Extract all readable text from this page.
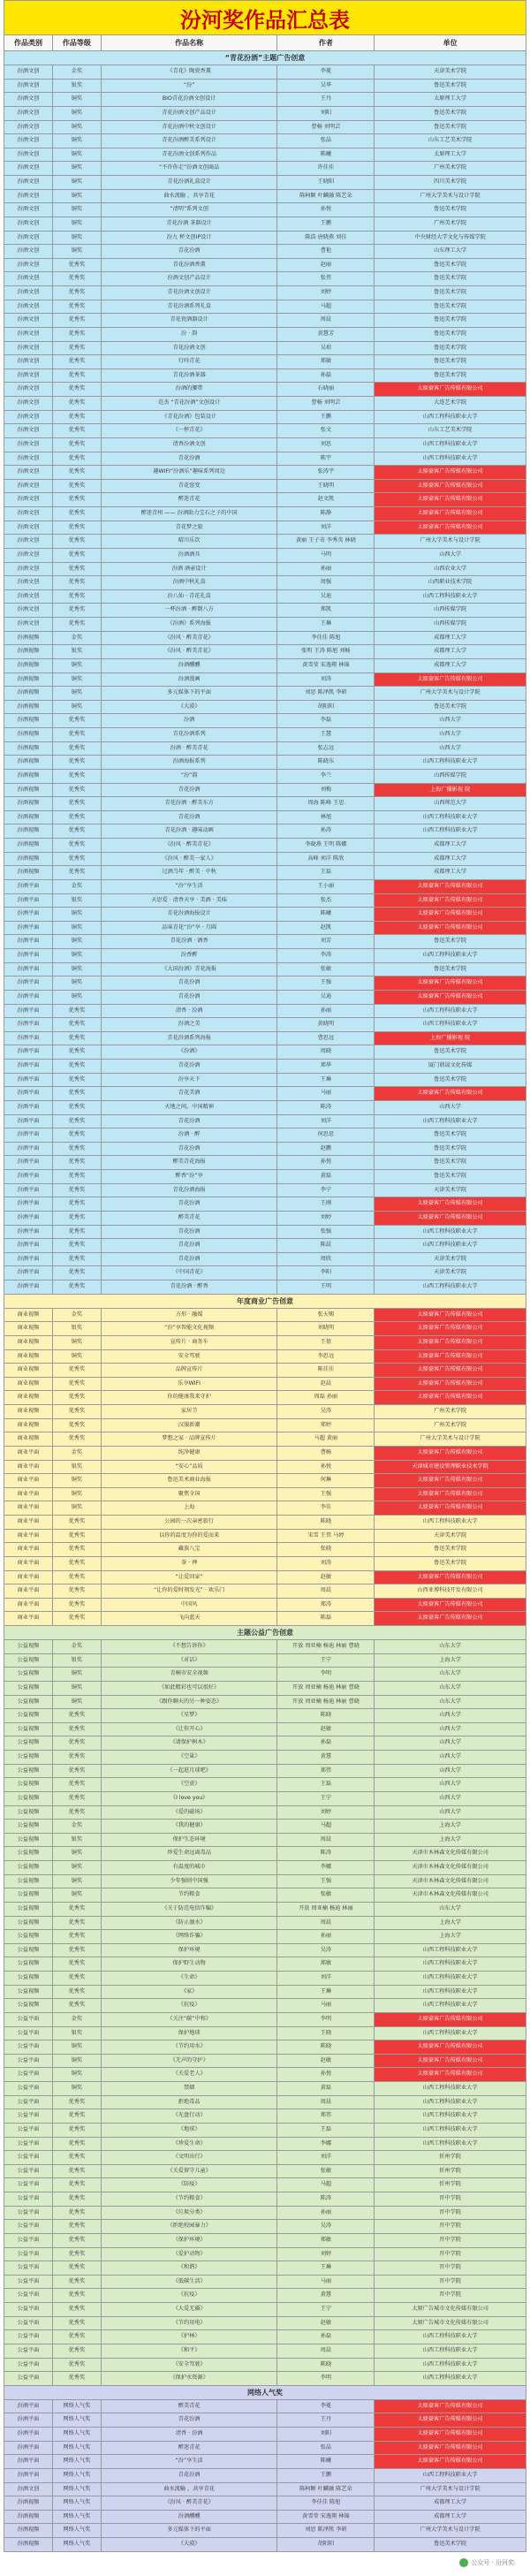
汾河奖作品汇总表
作品类别	作品等级	作品名称	作者	单位
“青花汾酒”主题广告创意
汾酒文创	金奖	《青花》陶瓷香薰	李冕	天津美术学院
汾酒文创	银奖	“汾”	吴华	鲁迅美术学院
汾酒文创	铜奖	BIO青花汾酒文创设计	王丹	太原理工大学
汾酒文创	铜奖	青花汾酒文创产品设计	刘阳	鲁迅美术学院
汾酒文创	铜奖	青花汾酒中秋文创设计	曹畅 刘明芸	鲁迅美术学院
汾酒文创	铜奖	青花汾酒醉美系列设计	张晶	山东工艺美术学院
汾酒文创	铜奖	青花汾酒文创系列作品	陈曦	太原理工大学
汾酒文创	铜奖	“不许你走”汾酒文创商品	许佳佳	广州美术学院
汾酒文创	铜奖	青花汾酒礼盒设计	王晓阳	四川美术学院
汾酒文创	铜奖	曲水流觞 ，共享青花	陈柯颖 叶麟融 陈艺朵	广州大学美术与设计学院
汾酒文创	铜奖	“清明”系列文创	孙悦	鲁迅美术学院
汾酒文创	铜奖	青花汾酒 茶器设计	王鹏	广州美术学院
汾酒文创	铜奖	汾九 杯文创IP设计	陈浩 唐晓燕 刘佳	中央财经大学文化与传媒学院
汾酒文创	铜奖	青花汾酒	曹艳	山东理工大学
汾酒文创	优秀奖	青花汾酒香薰	赵丽	鲁迅美术学院
汾酒文创	优秀奖	汾酒文创产品设计	张伟	鲁迅美术学院
汾酒文创	优秀奖	青花汾酒文创设计	刘婷	鲁迅美术学院
汾酒文创	优秀奖	青花汾酒系列礼盒	马超	鲁迅美术学院
汾酒文创	优秀奖	青花瓷酒器设计	周晨	鲁迅美术学院
汾酒文创	优秀奖	汾 · 韵	黄慧芳	鲁迅美术学院
汾酒文创	优秀奖	青花汾酒文创	吴琼	鲁迅美术学院
汾酒文创	优秀奖	行吟青花	郑敏	鲁迅美术学院
汾酒文创	优秀奖	青花汾酒茶器	孙磊	鲁迅美术学院
汾酒文创	优秀奖	汾酒的腰带	石晓丽	太原豪客广告传媒有限公司
汾酒文创	优秀奖	范杰 “青花汾酒”文创设计	曹畅 刘明芸	大连艺术学院
汾酒文创	优秀奖	《青花汾酒》包装设计	王鹏	山西工程科技职业大学
汾酒文创	优秀奖	《一杯青花》	张文	山东工艺美术学院
汾酒文创	优秀奖	清香汾酒文创	刘思	山西工程科技职业大学
汾酒文创	优秀奖	青花汾酒	陈宇	山西工程科技职业大学
汾酒文创	优秀奖	趣WIFI“汾酒乐”趣味系列周边	张涛宇	太原豪客广告传媒有限公司
汾酒文创	优秀奖	青花窑变	王晓明	太原豪客广告传媒有限公司
汾酒文创	优秀奖	醉迷青花	赵文凯	太原豪客广告传媒有限公司
汾酒文创	优秀奖	醉迷青州 —— 汾酒助力宝石之子的中国	陈静	太原豪客广告传媒有限公司
汾酒文创	优秀奖	青花梦之旅	刘洋	太原豪客广告传媒有限公司
汾酒文创	优秀奖	晴川乐饮	黄丽 王子奇 李秀英 林晓	广州大学美术与设计学院
汾酒文创	优秀奖	汾酒酒具	马明	山西大学
汾酒文创	优秀奖	汾酒 酒壶设计	孙丽	山西农业大学
汾酒文创	优秀奖	汾酒中秋礼盒	周强	山西职业技术学院
汾酒文创	优秀奖	汾八仙 · 青花礼盒	吴迪	山西工程科技职业大学
汾酒文创	优秀奖	一杯汾酒 · 醉倒八方	郑凯	山西传媒学院
汾酒文创	优秀奖	《汾酒》系列海报	王琳	山西传媒学院
汾酒视频	金奖	《汾风 · 醉美青花》	李佳佳 陈旭	成都理工大学
汾酒视频	银奖	《汾风 · 醉美青花》	张明 王涛 陈旭 刘畅	成都理工大学
汾酒视频	铜奖	汾酒醺醺	黄雪莹 宋逸翔 林锦	成都理工大学
汾酒视频	铜奖	汾酒漫画	刘涛	太原豪客广告传媒有限公司
汾酒视频	铜奖	多元媒体下的平面	刘思 陈泽凯 李研	广州大学美术与设计学院
汾酒视频	铜奖	《大漠》	胡阳阳	鲁迅美术学院
汾酒视频	优秀奖	汾酒	李磊	山西大学
汾酒视频	优秀奖	青花汾酒系列	王慧	山西大学
汾酒视频	优秀奖	汾酒 · 醉美青花	张志远	山西大学
汾酒视频	优秀奖	汾酒海报系列	陈晓东	山西工程科技职业大学
汾酒视频	优秀奖	“汾”韵	李兰	山西传媒学院
汾酒视频	优秀奖	青花汾酒	刘梅	上海广播影视 院
汾酒视频	优秀奖	青花汾酒 · 醉美东方	周海 陈峰 王思	山西师范大学
汾酒视频	优秀奖	青花汾酒	林旭	山西工程科技职业大学
汾酒视频	优秀奖	青花汾酒 · 趣味动画	孙涛	山西工程科技职业大学
汾酒视频	优秀奖	《汾风 · 醉美青花》	李晓燕 王明 陈娜	成都理工大学
汾酒视频	优秀奖	《汾风 · 醉美一家人》	高峰 刘洋 陈欣	成都理工大学
汾酒视频	优秀奖	过酒当年 · 醉美 · 中秋	王磊	成都理工大学
汾酒平面	金奖	“汾”享生活	王小丽	太原豪客广告传媒有限公司
汾酒平面	银奖	天思爱 · 清香天享 · 美酒 · 美味	张杰	太原豪客广告传媒有限公司
汾酒平面	铜奖	青花汾酒海报设计	陈曦	太原豪客广告传媒有限公司
汾酒平面	铜奖	品味青花“汾”享 · 月圆	赵凯	太原豪客广告传媒有限公司
汾酒平面	铜奖	青花汾酒 · 酒香	刘芳	鲁迅美术学院
汾酒平面	铜奖	汾香醉	李涛	山西工程科技职业大学
汾酒平面	铜奖	《大国汾酒》青花海报	张敏	鲁迅美术学院
汾酒平面	铜奖	青花汾酒	王强	太原豪客广告传媒有限公司
汾酒平面	铜奖	青花汾酒	吴迪	太原豪客广告传媒有限公司
汾酒平面	优秀奖	清香 · 汾酒	孙丽	山西工程科技职业大学
汾酒平面	优秀奖	汾酒之美	黄晓明	山西工程科技职业大学
汾酒平面	优秀奖	青花汾酒系列海报	曹思远	上海广播影视 院
汾酒平面	优秀奖	《汾酒》	周晓	鲁迅美术学院
汾酒平面	优秀奖	青花汾酒	郑华	厦门鼎晟文化传媒
汾酒平面	优秀奖	汾享天下	王琳	鲁迅美术学院
汾酒平面	优秀奖	青花美酒	马丽	太原豪客广告传媒有限公司
汾酒平面	优秀奖	天地之间，中国精神	陈涛	山西大学
汾酒平面	优秀奖	青花汾酒	刘洋	山西工程科技职业大学
汾酒平面	优秀奖	汾酒 · 醉	何思思	鲁迅美术学院
汾酒平面	优秀奖	青花汾酒	赵鹏	鲁迅美术学院
汾酒平面	优秀奖	醉美青花海报	孙悦	鲁迅美术学院
汾酒平面	优秀奖	醉香“汾”享	黄磊	鲁迅美术学院
汾酒平面	优秀奖	青花汾酒海报	李宁	天津美术学院
汾酒平面	优秀奖	青花汾酒	王刚	太原豪客广告传媒有限公司
汾酒平面	优秀奖	醉美青花	刘婷	太原豪客广告传媒有限公司
汾酒平面	优秀奖	青花汾酒	张强	山西工程科技职业大学
汾酒平面	优秀奖	青花汾酒	陈晨	山西工程科技职业大学
汾酒平面	优秀奖	青花汾酒	周欣	天津美术学院
汾酒平面	优秀奖	《中国青花》	李阳	天津美术学院
汾酒平面	优秀奖	青花汾酒 · 醉香	王明	山西工程科技职业大学
年度商业广告创意
商业视频	金奖	方形 · 融媒	张天赐	太原豪客广告传媒有限公司
商业视频	银奖	“汾”享智能文化视频	刘晓明	太原豪客广告传媒有限公司
商业视频	铜奖	宣传片 · 商务车	王倩	太原豪客广告传媒有限公司
商业视频	铜奖	安全驾驶	李思远	太原豪客广告传媒有限公司
商业视频	优秀奖	品牌宣传片	陈佳佳	太原豪客广告传媒有限公司
商业视频	优秀奖	乐享WIFI	赵晨	太原豪客广告传媒有限公司
商业视频	优秀奖	你的健康我来守护	周磊 孙丽	太原豪客广告传媒有限公司
商业视频	优秀奖	家居节	吴涛	广州美术学院
商业视频	优秀奖	汉服新潮	郑婷	广州美术学院
商业视频	优秀奖	梦想之家 · 品牌宣传片	马超 黄丽	广州大学美术与设计学院
商业平面	金奖	纯净健康	曹畅	太原豪客广告传媒有限公司
商业平面	银奖	“安心”品质	孙悦	天津城市建设管理职业技术学院
商业平面	铜奖	鲁迅美术商业海报	何琳	太原豪客广告传媒有限公司
商业平面	铜奖	聚焦全国	王强	太原豪客广告传媒有限公司
商业平面	铜奖	上海	李佳	太原豪客广告传媒有限公司
商业平面	优秀奖	公园的一次亲密旅行	陈晓	山西工程科技职业大学
商业平面	优秀奖	以你的温度为你的爱而来	宋雪 王伟 马婷	天津美术学院
商业平面	优秀奖	藏族八宝	张晓	鲁迅美术学院
商业平面	优秀奖	茶 · 禅	刘涛	鲁迅美术学院
商业平面	优秀奖	“让爱回家”	赵敏	太原豪客广告传媒有限公司
商业平面	优秀奖	“让你的爱时刻发光” · 欢乐门	周晨	山西亚博科技开发有限公司
商业平面	优秀奖	中国风	郑涛	太原豪客广告传媒有限公司
商业平面	优秀奖	飞向蓝天	陈磊	太原豪客广告传媒有限公司
主题公益广告创意
公益视频	金奖	《不想告诉你》	开放 周亚楠 杨迪 林丽 曹晓	山东大学
公益视频	银奖	《对话》	王宁	上海大学
公益视频	铜奖	青桐市安全视频	李明	山东大学
公益视频	铜奖	《如此精彩也可以很好》	开放 周亚楠 杨迪 林丽 曹晓	山东大学
公益视频	铜奖	《跟你聊天的另一种姿态》	开放 周亚楠 杨迪 林丽 曹晓	山东大学
公益视频	优秀奖	《星梦》	陈晓	山西大学
公益视频	优秀奖	《让你开心》	赵敏	山西大学
公益视频	优秀奖	《请保护树木》	孙磊	山西大学
公益视频	优秀奖	《空巢》	黄慧	山西大学
公益视频	优秀奖	《一起逛月球吧》	郑伟	山西大学
公益视频	优秀奖	《空虚》	王磊	山西大学
公益视频	优秀奖	《I love you》	王宁	山西大学
公益视频	优秀奖	《爱的磁场》	刘婷	山西大学
公益视频	金奖	《我的健康》	马超	上海大学
公益视频	银奖	保护生态环境	周晨	上海大学
公益视频	铜奖	珍爱生命远离毒品	陈涛	天津市木林森文化传媒有限公司
公益视频	铜奖	有温度的城市	李娜	天津市木林森文化传媒有限公司
公益视频	铜奖	少年强则中国强	王强	天津市木林森文化传媒有限公司
公益视频	铜奖	节约粮食	张敏	天津市木林森文化传媒有限公司
公益视频	优秀奖	《关于防范电信诈骗》	开放 周亚楠 杨迪 林丽	山东大学
公益视频	优秀奖	《防止溺水》	周晨	上海大学
公益视频	优秀奖	《网络诈骗》	孙丽	上海大学
公益视频	优秀奖	保护环境	吴涛	山西工程科技职业大学
公益视频	优秀奖	保护野生动物	郑敏	山西工程科技职业大学
公益视频	优秀奖	《生命》	刘洋	山西工程科技职业大学
公益视频	优秀奖	《家》	王琳	山西工程科技职业大学
公益视频	优秀奖	《抗疫》	马丽	山西工程科技职业大学
公益平面	金奖	《关注“碳”中和》	李明	太原豪客广告传媒有限公司
公益平面	银奖	保护地球	王晓	山西工程科技职业大学
公益平面	铜奖	《节约用水》	陈晓	太原豪客广告传媒有限公司
公益平面	铜奖	《无声的守护》	赵敏	太原豪客广告传媒有限公司
公益平面	铜奖	《关爱老人》	孙悦	太原豪客广告传媒有限公司
公益平面	铜奖	禁烟	黄磊	山西工程科技职业大学
公益平面	优秀奖	拒绝毒品	周晨	山西工程科技职业大学
公益平面	优秀奖	《光盘行动》	郑伟	山西工程科技职业大学
公益平面	优秀奖	《地球》	王磊	山西工程科技职业大学
公益平面	优秀奖	《珍爱生命》	李娜	山西工程科技职业大学
公益平面	优秀奖	《文明出行》	刘洋	忻州学院
公益平面	优秀奖	《关爱留守儿童》	张敏	忻州学院
公益平面	优秀奖	《防疫》	马超	忻州学院
公益平面	优秀奖	《节约粮食》	陈涛	晋中学院
公益平面	优秀奖	《垃圾分类》	孙丽	晋中学院
公益平面	优秀奖	《拒绝校园暴力》	吴涛	晋中学院
公益平面	优秀奖	《保护环境》	郑敏	晋中学院
公益平面	优秀奖	《爱护动物》	刘婷	晋中学院
公益平面	优秀奖	《和谐》	王琳	晋中学院
公益平面	优秀奖	《低碳生活》	马丽	晋中学院
公益平面	优秀奖	《抗疫》	黄慧	晋中学院
公益平面	优秀奖	《大爱无疆》	王宁	太原广告城市文化传媒有限公司
公益平面	优秀奖	《节约用电》	赵敏	太原广告城市文化传媒有限公司
公益平面	优秀奖	《护林》	孙磊	山西工程科技职业大学
公益平面	优秀奖	《和平》	周晨	山西工程科技职业大学
公益平面	优秀奖	《安全驾驶》	陈晓	山西工程科技职业大学
公益平面	优秀奖	《保护水资源》	李明	山西工程科技职业大学
网络人气奖
汾酒平面	网络人气奖	醉美青花	李冕	太原豪客广告传媒有限公司
汾酒平面	网络人气奖	青花汾酒	王丹	太原豪客广告传媒有限公司
汾酒平面	网络人气奖	清香 · 汾酒	刘阳	太原豪客广告传媒有限公司
汾酒平面	网络人气奖	醉迷青花	张晶	太原豪客广告传媒有限公司
汾酒平面	网络人气奖	“汾”享生活	陈曦	太原豪客广告传媒有限公司
汾酒平面	网络人气奖	青花汾酒	王鹏	山西工程科技职业大学
汾酒文创	网络人气奖	曲水流觞 ，共享青花	陈柯颖 叶麟融 陈艺朵	广州大学美术与设计学院
汾酒视频	网络人气奖	《汾风 · 醉美青花》	李佳佳 陈旭	成都理工大学
汾酒视频	网络人气奖	汾酒醺醺	黄雪莹 宋逸翔 林锦	成都理工大学
汾酒视频	网络人气奖	多元媒体下的平面	刘思 陈泽凯 李研	广州大学美术与设计学院
汾酒视频	网络人气奖	《大漠》	胡阳阳	鲁迅美术学院
公众号 · 汾河奖
